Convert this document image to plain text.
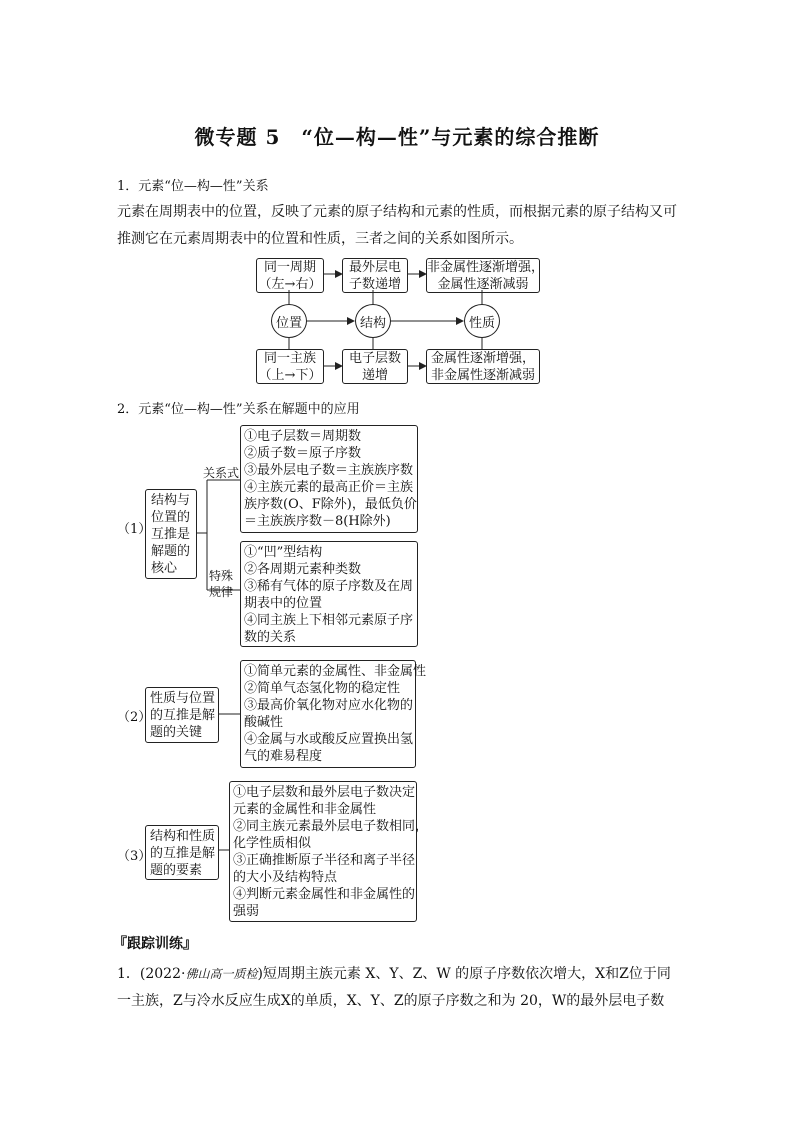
微专题 5　“位—构—性”与元素的综合推断
1．元素“位—构—性”关系
元素在周期表中的位置，反映了元素的原子结构和元素的性质，而根据元素的原子结构又可
推测它在元素周期表中的位置和性质，三者之间的关系如图所示。
同一周期
（左→右）
最外层电
子数递增
非金属性逐渐增强，
金属性逐渐减弱
位置	结构	性质
同一主族
（上→下）
电子层数
递增
金属性逐渐增强，
非金属性逐渐减弱
2．元素“位—构—性”关系在解题中的应用
（1）
结构与
位置的
互推是
解题的
核心
关系式
特殊
规律
①电子层数＝周期数
②质子数＝原子序数
③最外层电子数＝主族族序数
④主族元素的最高正价＝主族
族序数(O、F除外)，最低负价
＝主族族序数－8(H除外)
①“凹”型结构
②各周期元素种类数
③稀有气体的原子序数及在周
期表中的位置
④同主族上下相邻元素原子序
数的关系
（2）
性质与位置
的互推是解
题的关键
①简单元素的金属性、非金属性
②简单气态氢化物的稳定性
③最高价氧化物对应水化物的
酸碱性
④金属与水或酸反应置换出氢
气的难易程度
（3）
结构和性质
的互推是解
题的要素
①电子层数和最外层电子数决定
元素的金属性和非金属性
②同主族元素最外层电子数相同，
化学性质相似
③正确推断原子半径和离子半径
的大小及结构特点
④判断元素金属性和非金属性的
强弱
『跟踪训练』
1．(2022·佛山高一质检)短周期主族元素 X、Y、Z、W 的原子序数依次增大，X和Z位于同
一主族，Z与冷水反应生成X的单质，X、Y、Z的原子序数之和为 20，W的最外层电子数
